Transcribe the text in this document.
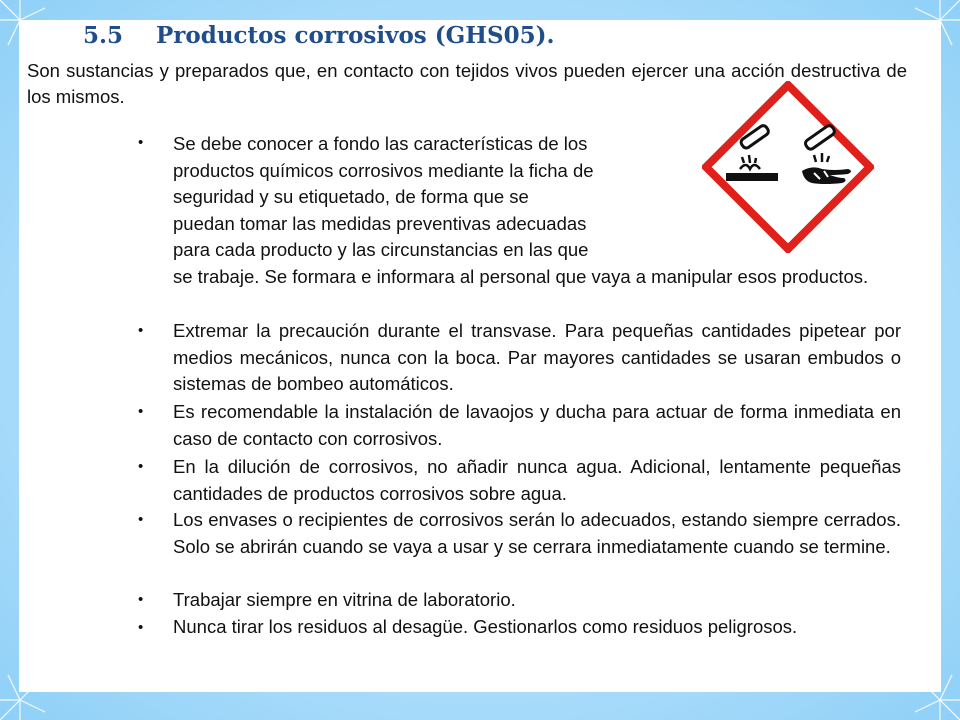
5.5 Productos corrosivos (GHS05).
Son sustancias y preparados que, en contacto con tejidos vivos pueden ejercer una acción destructiva de los mismos.
• Se debe conocer a fondo las características de los
productos químicos corrosivos mediante la ficha de
seguridad y su etiquetado, de forma que se
puedan tomar las medidas preventivas adecuadas
para cada producto y las circunstancias en las que
se trabaje. Se formara e informara al personal que vaya a manipular esos productos.
• Extremar la precaución durante el transvase. Para pequeñas cantidades pipetear por medios mecánicos, nunca con la boca. Par mayores cantidades se usaran embudos o sistemas de bombeo automáticos.
• Es recomendable la instalación de lavaojos y ducha para actuar de forma inmediata en caso de contacto con corrosivos.
• En la dilución de corrosivos, no añadir nunca agua. Adicional, lentamente pequeñas cantidades de productos corrosivos sobre agua.
• Los envases o recipientes de corrosivos serán lo adecuados, estando siempre cerrados. Solo se abrirán cuando se vaya a usar y se cerrara inmediatamente cuando se termine.
• Trabajar siempre en vitrina de laboratorio.
• Nunca tirar los residuos al desagüe. Gestionarlos como residuos peligrosos.
